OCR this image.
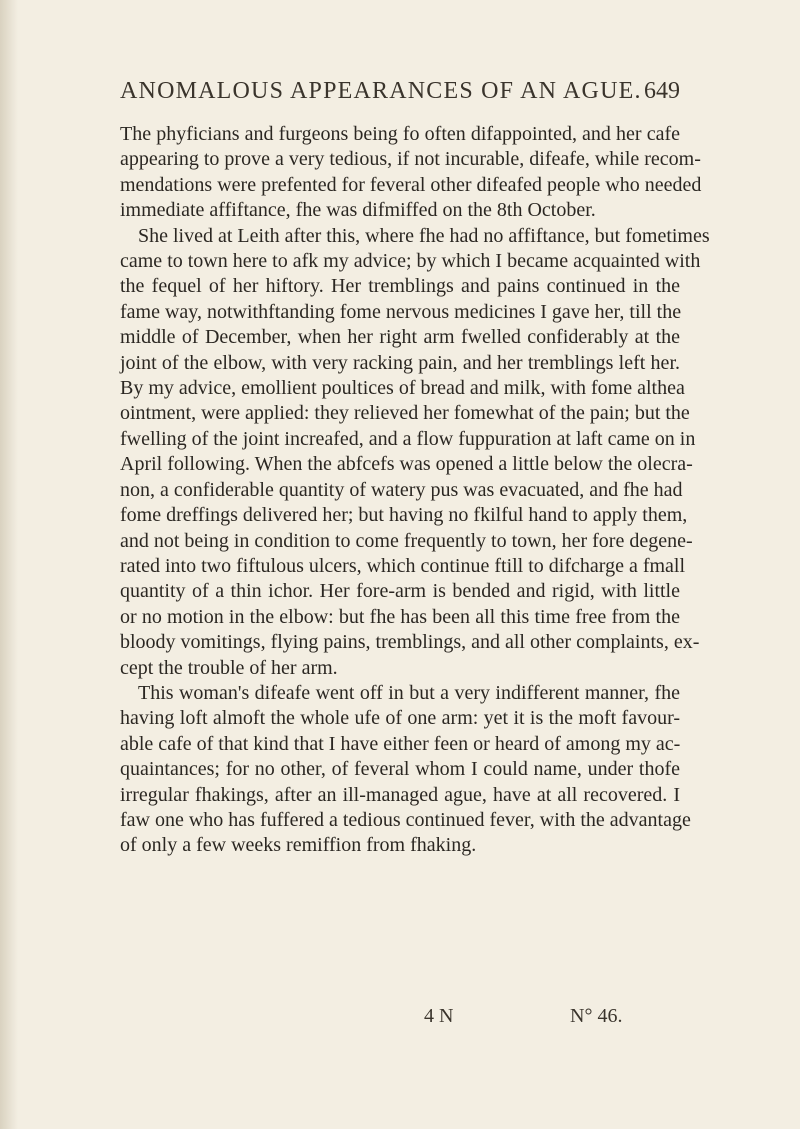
ANOMALOUS APPEARANCES OF AN AGUE. 649

The phyficians and furgeons being fo often difappointed, and her cafe
appearing to prove a very tedious, if not incurable, difeafe, while recom-
mendations were prefented for feveral other difeafed people who needed
immediate affiftance, fhe was difmiffed on the 8th October.

She lived at Leith after this, where fhe had no affiftance, but fometimes
came to town here to afk my advice; by which I became acquainted with
the fequel of her hiftory. Her tremblings and pains continued in the
fame way, notwithftanding fome nervous medicines I gave her, till the
middle of December, when her right arm fwelled confiderably at the
joint of the elbow, with very racking pain, and her tremblings left her.
By my advice, emollient poultices of bread and milk, with fome althea
ointment, were applied: they relieved her fomewhat of the pain; but the
fwelling of the joint increafed, and a flow fuppuration at laft came on in
April following. When the abfcefs was opened a little below the olecra-
non, a confiderable quantity of watery pus was evacuated, and fhe had
fome dreffings delivered her; but having no fkilful hand to apply them,
and not being in condition to come frequently to town, her fore degene-
rated into two fiftulous ulcers, which continue ftill to difcharge a fmall
quantity of a thin ichor. Her fore-arm is bended and rigid, with little
or no motion in the elbow: but fhe has been all this time free from the
bloody vomitings, flying pains, tremblings, and all other complaints, ex-
cept the trouble of her arm.

This woman's difeafe went off in but a very indifferent manner, fhe
having loft almoft the whole ufe of one arm: yet it is the moft favour-
able cafe of that kind that I have either feen or heard of among my ac-
quaintances; for no other, of feveral whom I could name, under thofe
irregular fhakings, after an ill-managed ague, have at all recovered. I
faw one who has fuffered a tedious continued fever, with the advantage
of only a few weeks remiffion from fhaking.

4 N	N° 46.
